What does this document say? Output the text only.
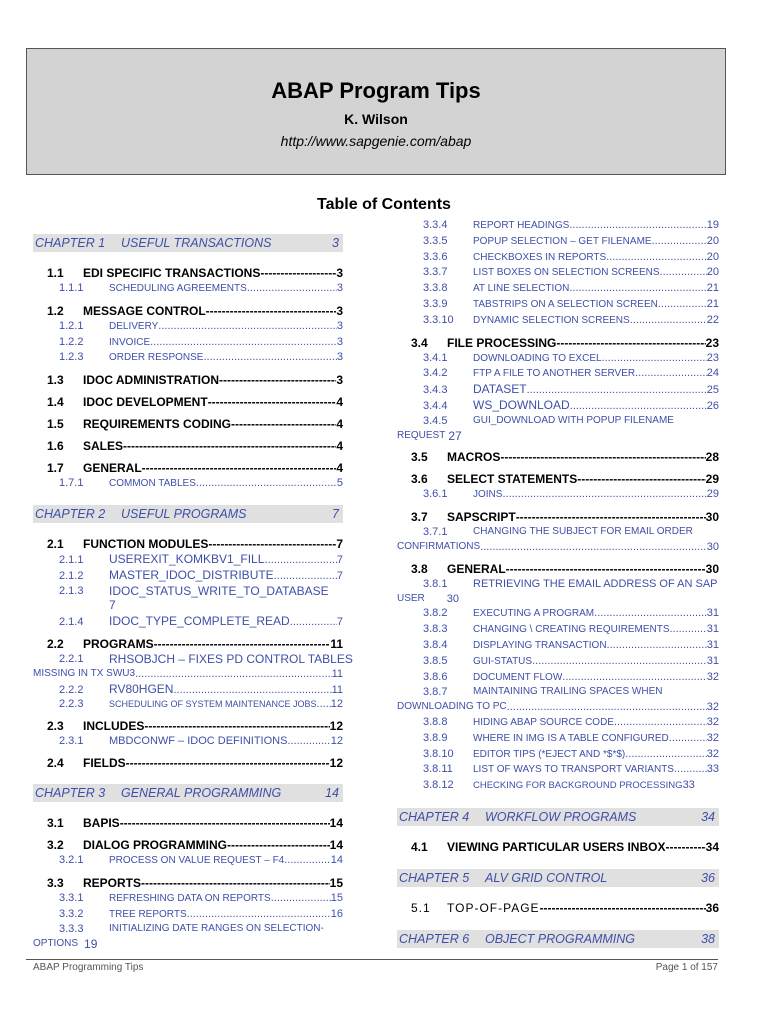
ABAP Program Tips
K. Wilson
http://www.sapgenie.com/abap
Table of Contents
CHAPTER 1 USEFUL TRANSACTIONS	3
1.1	EDI SPECIFIC TRANSACTIONS -----	3
1.1.1	SCHEDULING AGREEMENTS .....	3
1.2	MESSAGE CONTROL -----	3
1.2.1	DELIVERY .....	3
1.2.2	INVOICE .....	3
1.2.3	ORDER RESPONSE .....	3
1.3	IDOC ADMINISTRATION -----	3
1.4	IDOC DEVELOPMENT -----	4
1.5	REQUIREMENTS CODING -----	4
1.6	SALES -----	4
1.7	GENERAL -----	4
1.7.1	COMMON TABLES .....	5
CHAPTER 2 USEFUL PROGRAMS	7
2.1	FUNCTION MODULES -----	7
2.1.1	USEREXIT_KOMKBV1_FILL. .....	7
2.1.2	MASTER_IDOC_DISTRIBUTE .....	7
2.1.3	IDOC_STATUS_WRITE_TO_DATABASE
7
2.1.4	IDOC_TYPE_COMPLETE_READ .....	7
2.2	PROGRAMS -----	11
2.2.1	RHSOBJCH – FIXES PD CONTROL TABLES
MISSING IN TX SWU3 .....	11
2.2.2	RV80HGEN .....	11
2.2.3	SCHEDULING OF SYSTEM MAINTENANCE JOBS ..... 12
2.3	INCLUDES -----	12
2.3.1	MBDCONWF – IDOC DEFINITIONS .....	12
2.4	FIELDS -----	12
CHAPTER 3 GENERAL PROGRAMMING	14
3.1	BAPIS -----	14
3.2	DIALOG PROGRAMMING -----	14
3.2.1	PROCESS ON VALUE REQUEST – F4 .....	14
3.3	REPORTS -----	15
3.3.1	REFRESHING DATA ON REPORTS .....	15
3.3.2	TREE REPORTS .....	16
3.3.3	INITIALIZING DATE RANGES ON SELECTION-
OPTIONS 19
3.3.4	REPORT HEADINGS .....	19
3.3.5	POPUP SELECTION – GET FILENAME .....	20
3.3.6	CHECKBOXES IN REPORTS .....	20
3.3.7	LIST BOXES ON SELECTION SCREENS .....	20
3.3.8	AT LINE SELECTION .....	21
3.3.9	TABSTRIPS ON A SELECTION SCREEN .....	21
3.3.10	DYNAMIC SELECTION SCREENS .....	22
3.4	FILE PROCESSING -----	23
3.4.1	DOWNLOADING TO EXCEL .....	23
3.4.2	FTP A FILE TO ANOTHER SERVER .....	24
3.4.3	DATASET .....	25
3.4.4	WS_DOWNLOAD .....	26
3.4.5	GUI_DOWNLOAD WITH POPUP FILENAME
REQUEST 27
3.5	MACROS -----	28
3.6	SELECT STATEMENTS -----	29
3.6.1	JOINS .....	29
3.7	SAPSCRIPT -----	30
3.7.1	CHANGING THE SUBJECT FOR EMAIL ORDER
CONFIRMATIONS .....	30
3.8	GENERAL -----	30
3.8.1	RETRIEVING THE EMAIL ADDRESS OF AN SAP
USER 30
3.8.2	EXECUTING A PROGRAM .....	31
3.8.3	CHANGING \ CREATING REQUIREMENTS .....	31
3.8.4	DISPLAYING TRANSACTION .....	31
3.8.5	GUI-STATUS .....	31
3.8.6	DOCUMENT FLOW .....	32
3.8.7	MAINTAINING TRAILING SPACES WHEN
DOWNLOADING TO PC .....	32
3.8.8	HIDING ABAP SOURCE CODE .....	32
3.8.9	WHERE IN IMG IS A TABLE CONFIGURED .....	32
3.8.10	EDITOR TIPS (*EJECT AND *$*$) .....	32
3.8.11	LIST OF WAYS TO TRANSPORT VARIANTS .....	33
3.8.12	CHECKING FOR BACKGROUND PROCESSING 33
CHAPTER 4 WORKFLOW PROGRAMS	34
4.1	VIEWING PARTICULAR USERS INBOX -----	34
CHAPTER 5 ALV GRID CONTROL	36
5.1	TOP-OF-PAGE -----	36
CHAPTER 6 OBJECT PROGRAMMING	38
ABAP Programming Tips	Page 1 of 157
